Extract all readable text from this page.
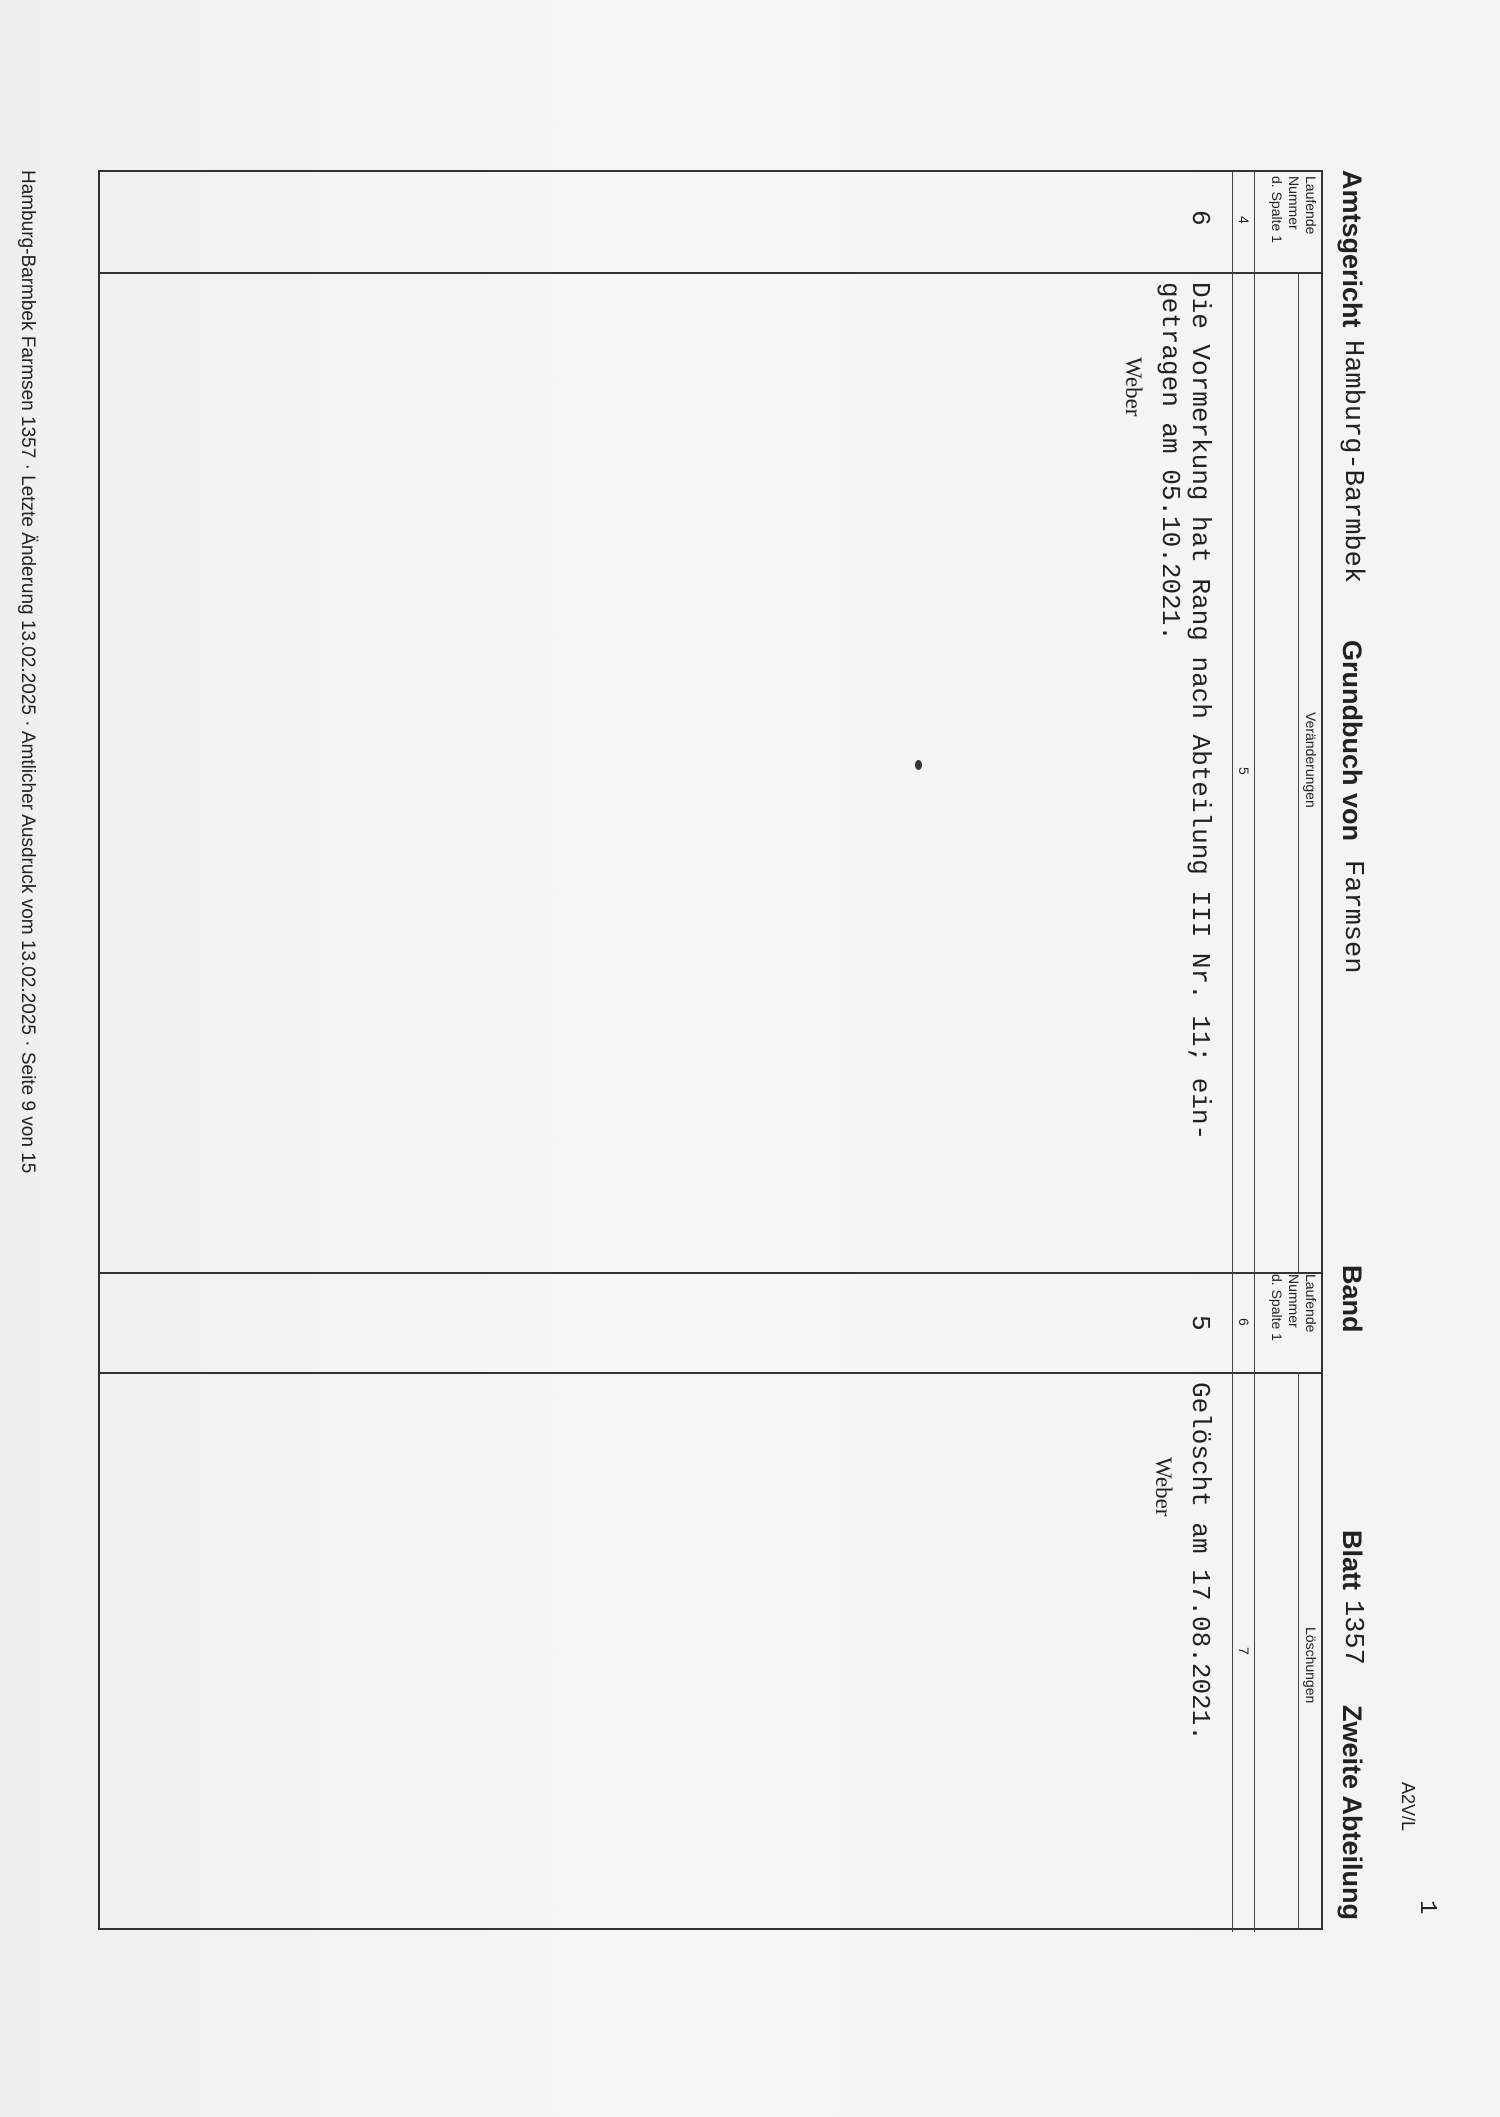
Amtsgericht
Hamburg-Barmbek
Grundbuch von
Farmsen
Band
Blatt
1357
Zweite Abteilung
Laufende
Nummer
d. Spalte 1
Veränderungen
Laufende
Nummer
d. Spalte 1
Löschungen
4
5
6
7
6
Die Vormerkung hat Rang nach Abteilung III Nr. 11; ein-
getragen am 05.10.2021.
Weber
5
Gelöscht am 17.08.2021.
Weber
A2V/L
1
Hamburg-Barmbek Farmsen 1357 · Letzte Änderung 13.02.2025 · Amtlicher Ausdruck vom 13.02.2025 · Seite 9 von 15
